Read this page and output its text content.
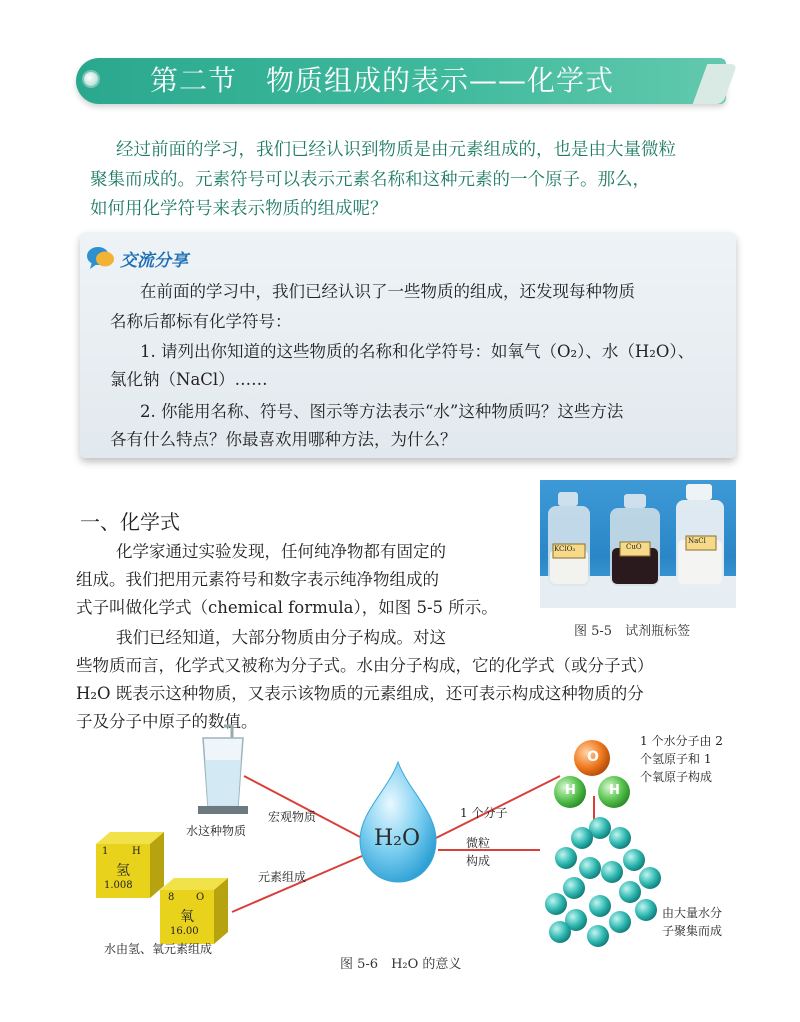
第二节　物质组成的表示——化学式
经过前面的学习，我们已经认识到物质是由元素组成的，也是由大量微粒
聚集而成的。元素符号可以表示元素名称和这种元素的一个原子。那么，
如何用化学符号来表示物质的组成呢？
交流分享
在前面的学习中，我们已经认识了一些物质的组成，还发现每种物质
名称后都标有化学符号：
1. 请列出你知道的这些物质的名称和化学符号：如氧气（O₂）、水（H₂O）、
氯化钠（NaCl）……
2. 你能用名称、符号、图示等方法表示“水”这种物质吗？这些方法
各有什么特点？你最喜欢用哪种方法，为什么？
一、化学式
化学家通过实验发现，任何纯净物都有固定的
组成。我们把用元素符号和数字表示纯净物组成的
式子叫做化学式（chemical formula），如图 5-5 所示。
我们已经知道，大部分物质由分子构成。对这
些物质而言，化学式又被称为分子式。水由分子构成，它的化学式（或分子式）
H₂O 既表示这种物质，又表示该物质的元素组成，还可表示构成这种物质的分
子及分子中原子的数值。
KClO₃	CuO
NaCl
图 5-5　试剂瓶标签
H₂O
宏观物质
水这种物质
元素组成
水由氢、氧元素组成
1 个分子
微粒
构成
1 个水分子由 2
个氢原子和 1
个氧原子构成
由大量水分
子聚集而成
O
H	H
1 H
氢
1.008
8 O
氧
16.00
图 5-6　H₂O 的意义
